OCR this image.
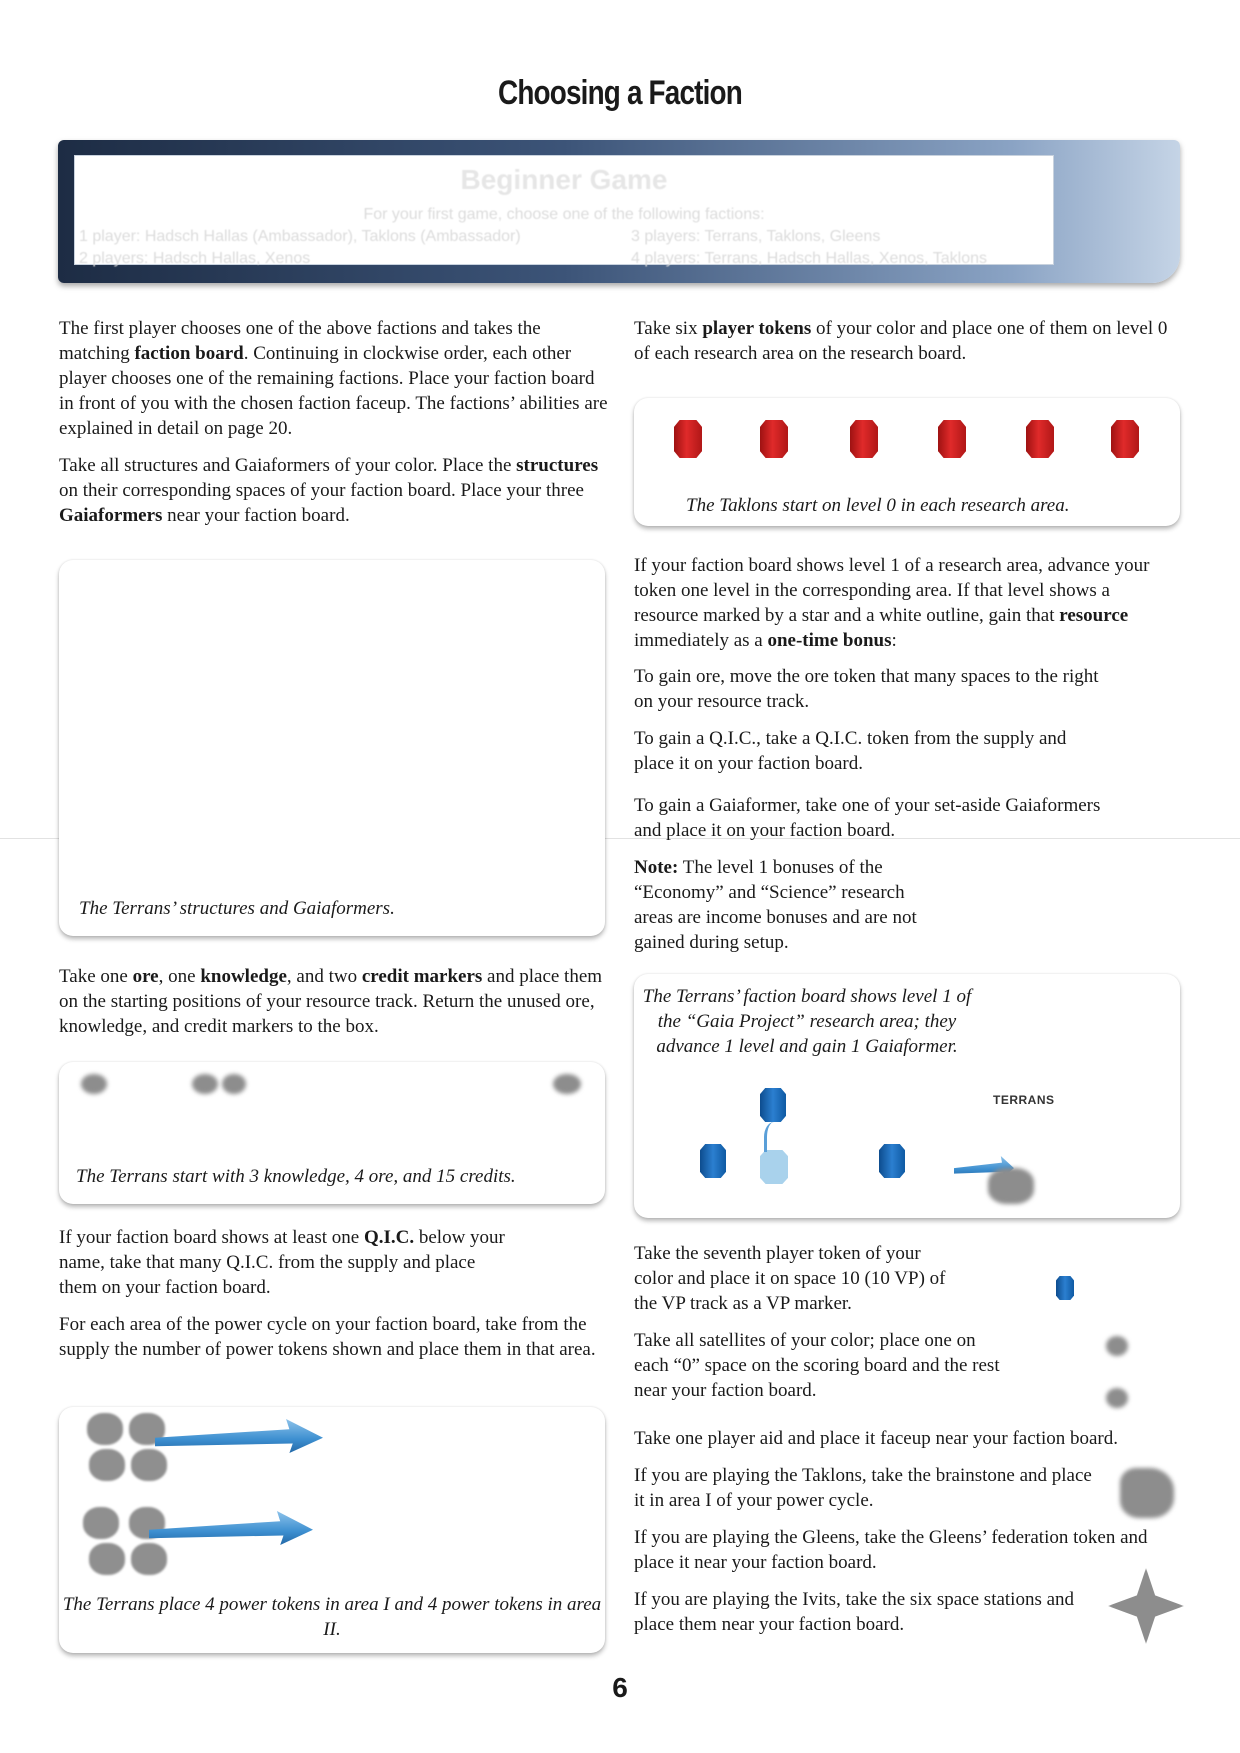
Choosing a Faction
Beginner Game
For your first game, choose one of the following factions:
1 player: Hadsch Hallas (Ambassador), Taklons (Ambassador)	3 players: Terrans, Taklons, Gleens
2 players: Hadsch Hallas, Xenos	4 players: Terrans, Hadsch Hallas, Xenos, Taklons

The first player chooses one of the above factions and takes the matching faction board. Continuing in clockwise order, each other player chooses one of the remaining factions. Place your faction board in front of you with the chosen faction faceup. The factions’ abilities are explained in detail on page 20.

Take all structures and Gaiaformers of your color. Place the structures on their corresponding spaces of your faction board. Place your three Gaiaformers near your faction board.

The Terrans’ structures and Gaiaformers.

Take one ore, one knowledge, and two credit markers and place them on the starting positions of your resource track. Return the unused ore, knowledge, and credit markers to the box.

The Terrans start with 3 knowledge, 4 ore, and 15 credits.

If your faction board shows at least one Q.I.C. below your name, take that many Q.I.C. from the supply and place them on your faction board.

For each area of the power cycle on your faction board, take from the supply the number of power tokens shown and place them in that area.

The Terrans place 4 power tokens in area I and 4 power tokens in area II.

Take six player tokens of your color and place one of them on level 0 of each research area on the research board.

The Taklons start on level 0 in each research area.

If your faction board shows level 1 of a research area, advance your token one level in the corresponding area. If that level shows a resource marked by a star and a white outline, gain that resource immediately as a one-time bonus:

To gain ore, move the ore token that many spaces to the right on your resource track.

To gain a Q.I.C., take a Q.I.C. token from the supply and place it on your faction board.

To gain a Gaiaformer, take one of your set-aside Gaiaformers and place it on your faction board.

Note: The level 1 bonuses of the “Economy” and “Science” research areas are income bonuses and are not gained during setup.

The Terrans’ faction board shows level 1 of the “Gaia Project” research area; they advance 1 level and gain 1 Gaiaformer.

TERRANS

Take the seventh player token of your color and place it on space 10 (10 VP) of the VP track as a VP marker.

Take all satellites of your color; place one on each “0” space on the scoring board and the rest near your faction board.

Take one player aid and place it faceup near your faction board.

If you are playing the Taklons, take the brainstone and place it in area I of your power cycle.

If you are playing the Gleens, take the Gleens’ federation token and place it near your faction board.

If you are playing the Ivits, take the six space stations and place them near your faction board.

6
